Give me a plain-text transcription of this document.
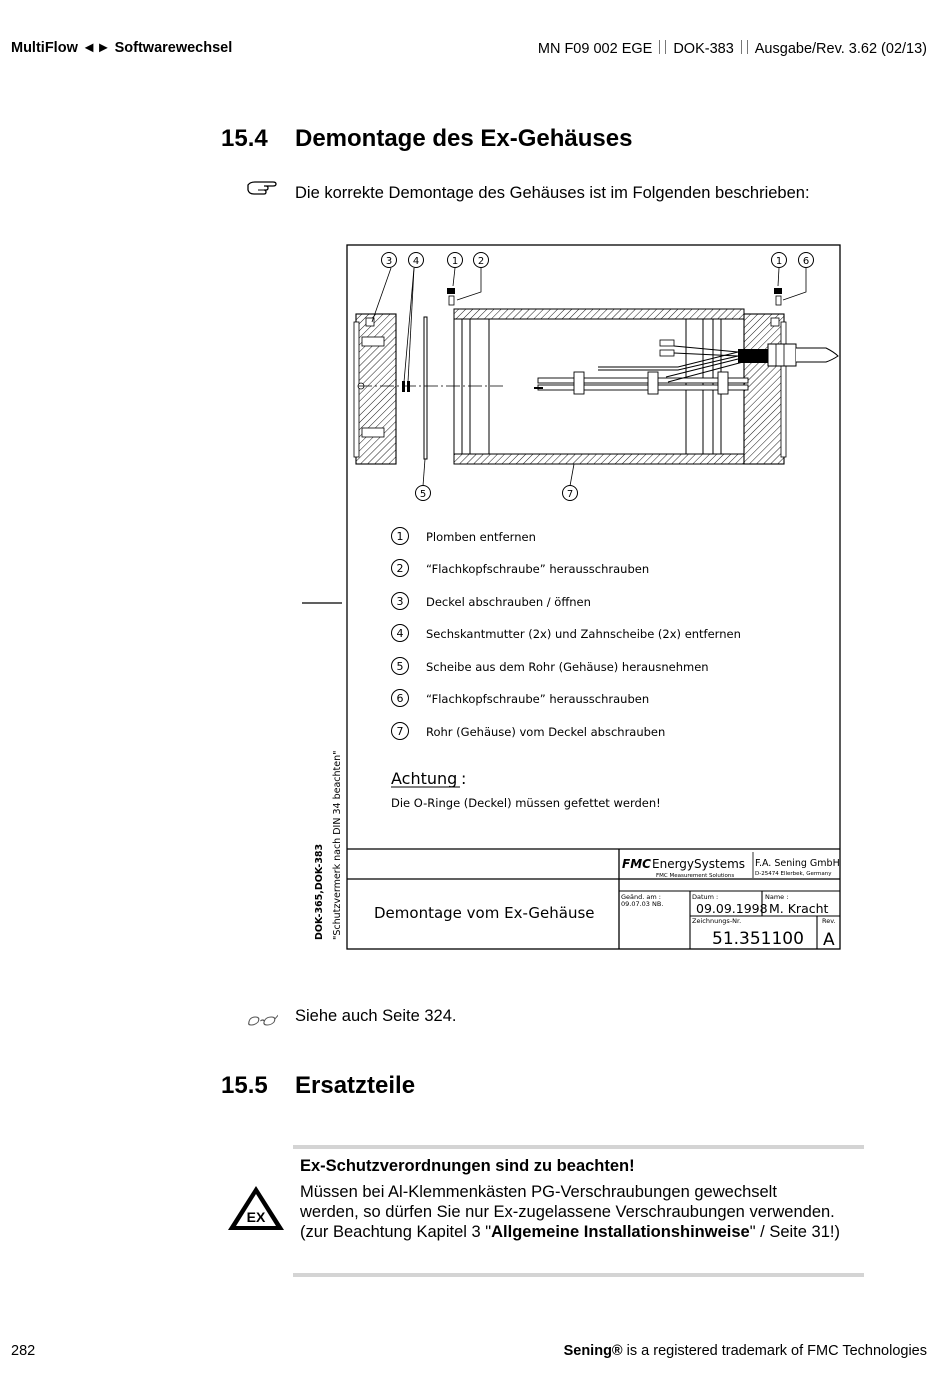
MultiFlow ◄► Softwarewechsel	MN F09 002 EGE DOK-383 Ausgabe/Rev. 3.62 (02/13)
15.4 Demontage des Ex-Gehäuses
Die korrekte Demontage des Gehäuses ist im Folgenden beschrieben:
3 4	1 2	1 6
5	7
1 Plomben entfernen
2 “Flachkopfschraube” herausschrauben
3 Deckel abschrauben / öffnen
4 Sechskantmutter (2x) und Zahnscheibe (2x) entfernen
5 Scheibe aus dem Rohr (Gehäuse) herausnehmen
6 “Flachkopfschraube” herausschrauben
7 Rohr (Gehäuse) vom Deckel abschrauben
Achtung :
Die O-Ringe (Deckel) müssen gefettet werden!
DOK-365,DOK-383 "Schutzvermerk nach DIN 34 beachten"	FMC EnergySystems
FMC Measurement Solutions
F.A. Sening GmbH
D-25474 Ellerbek, Germany
Demontage vom Ex-Gehäuse
Geänd. am :
09.07.03 NB.
Datum :
09.09.1998
Name :
M. Kracht
Zeichnungs-Nr.
51.351100
Rev.
A
Siehe auch Seite 324.
15.5 Ersatzteile
EX
Ex-Schutzverordnungen sind zu beachten!
Müssen bei Al-Klemmenkästen PG-Verschraubungen gewechselt werden, so dürfen Sie nur Ex-zugelassene Verschraubungen verwenden. (zur Beachtung Kapitel 3 "Allgemeine Installationshinweise" / Seite 31!)
282	Sening® is a registered trademark of FMC Technologies
